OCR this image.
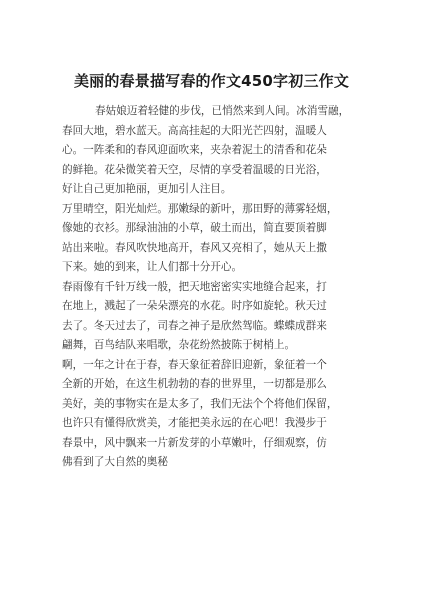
美丽的春景描写春的作文450字初三作文
春姑娘迈着轻健的步伐，已悄然来到人间。冰消雪融，
春回大地，碧水蓝天。高高挂起的大阳光芒四射，温暖人
心。一阵柔和的春风迎面吹来，夹杂着泥土的清香和花朵
的鲜艳。花朵微笑着天空，尽情的享受着温暖的日光浴，
好让自己更加艳丽，更加引人注目。
万里晴空，阳光灿烂。那嫩绿的新叶，那田野的薄雾轻烟，
像她的衣衫。那绿油油的小草，破土而出，简直要顶着脚
站出来啦。春风吹快地高开，春风又亮相了，她从天上撒
下来。她的到来，让人们都十分开心。
春雨像有千针万线一般，把天地密密实实地缝合起来，打
在地上，溅起了一朵朵漂亮的水花。时序如旋轮。秋天过
去了。冬天过去了，司春之神子是欣然驾临。蝶蝶成群来
翩舞，百鸟结队来唱歌，杂花纷然披陈于树梢上。
啊，一年之计在于春，春天象征着辞旧迎新，象征着一个
全新的开始，在这生机勃勃的春的世界里，一切都是那么
美好，美的事物实在是太多了，我们无法个个将他们保留，
也许只有懂得欣赏美，才能把美永远的在心吧！我漫步于
春景中，风中飘来一片新发芽的小草嫩叶，仔细观察，仿
佛看到了大自然的奥秘
